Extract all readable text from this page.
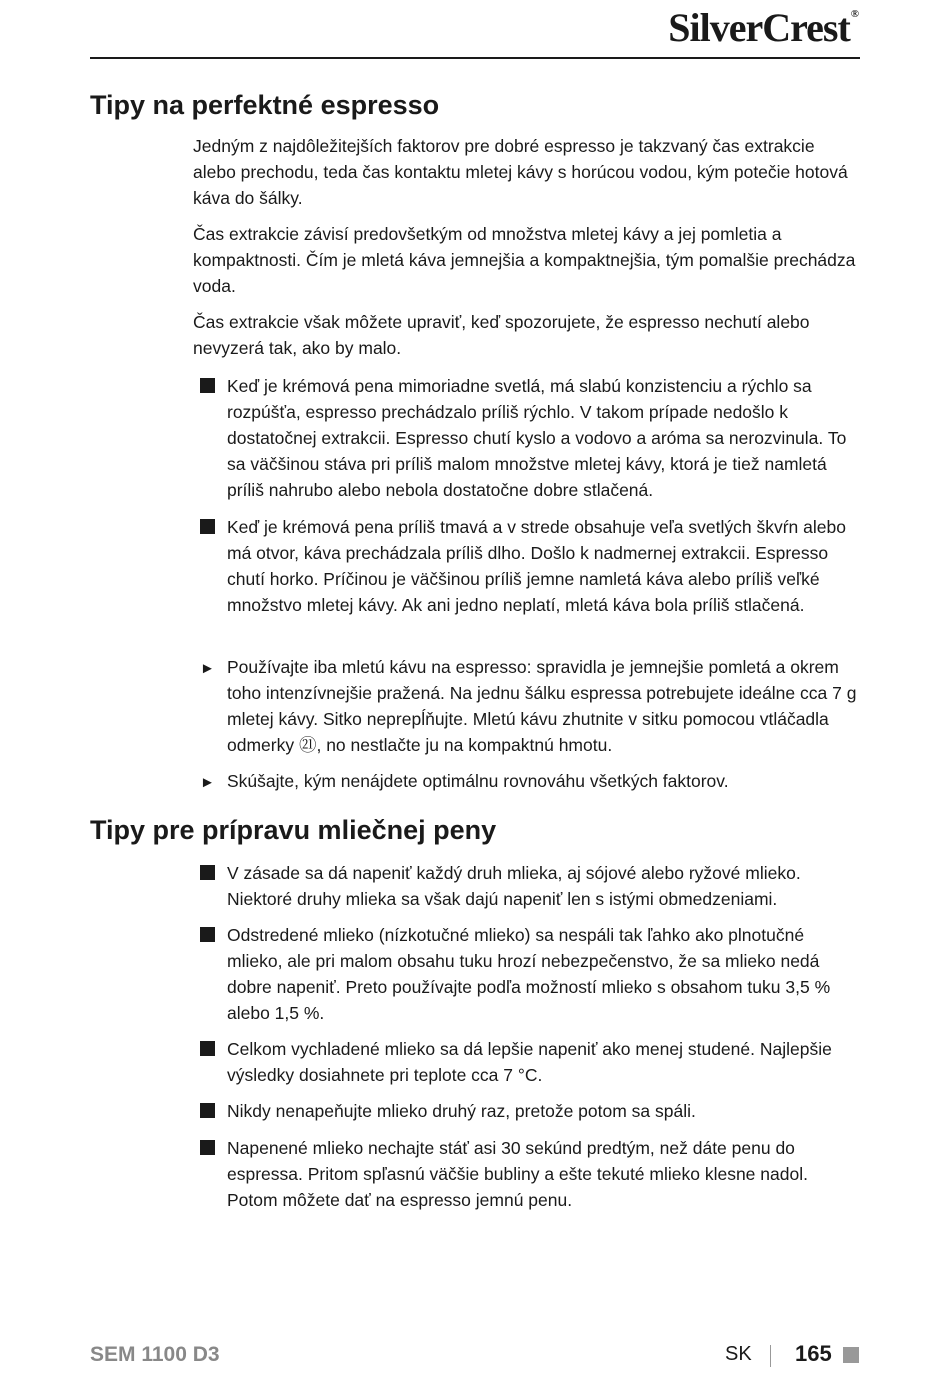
SilverCrest®
Tipy na perfektné espresso

Jedným z najdôležitejších faktorov pre dobré espresso je takzvaný čas extrakcie alebo prechodu, teda čas kontaktu mletej kávy s horúcou vodou, kým potečie hotová káva do šálky.

Čas extrakcie závisí predovšetkým od množstva mletej kávy a jej pomletia a kompaktnosti. Čím je mletá káva jemnejšia a kompaktnejšia, tým pomalšie prechádza voda.

Čas extrakcie však môžete upraviť, keď spozorujete, že espresso nechutí alebo nevyzerá tak, ako by malo.

Keď je krémová pena mimoriadne svetlá, má slabú konzistenciu a rýchlo sa rozpúšťa, espresso prechádzalo príliš rýchlo. V takom prípade nedošlo k dostatočnej extrakcii. Espresso chutí kyslo a vodovo a aróma sa nerozvinula. To sa väčšinou stáva pri príliš malom množstve mletej kávy, ktorá je tiež namletá príliš nahrubo alebo nebola dostatočne dobre stlačená.
Keď je krémová pena príliš tmavá a v strede obsahuje veľa svetlých škvŕn alebo má otvor, káva prechádzala príliš dlho. Došlo k nadmernej extrakcii. Espresso chutí horko. Príčinou je väčšinou príliš jemne namletá káva alebo príliš veľké množstvo mletej kávy. Ak ani jedno neplatí, mletá káva bola príliš stlačená.
► Používajte iba mletú kávu na espresso: spravidla je jemnejšie pomletá a okrem toho intenzívnejšie pražená. Na jednu šálku espressa potrebujete ideálne cca 7 g mletej kávy. Sitko neprepĺňujte. Mletú kávu zhutnite v sitku pomocou vtláčadla odmerky ㉑, no nestlačte ju na kompaktnú hmotu.
► Skúšajte, kým nenájdete optimálnu rovnováhu všetkých faktorov.
Tipy pre prípravu mliečnej peny
V zásade sa dá napeniť každý druh mlieka, aj sójové alebo ryžové mlieko. Niektoré druhy mlieka sa však dajú napeniť len s istými obmedzeniami.
Odstredené mlieko (nízkotučné mlieko) sa nespáli tak ľahko ako plnotučné mlieko, ale pri malom obsahu tuku hrozí nebezpečenstvo, že sa mlieko nedá dobre napeniť. Preto používajte podľa možností mlieko s obsahom tuku 3,5 % alebo 1,5 %.
Celkom vychladené mlieko sa dá lepšie napeniť ako menej studené. Najlepšie výsledky dosiahnete pri teplote cca 7 °C.
Nikdy nenapeňujte mlieko druhý raz, pretože potom sa spáli.
Napenené mlieko nechajte stáť asi 30 sekúnd predtým, než dáte penu do espressa. Pritom spľasnú väčšie bubliny a ešte tekuté mlieko klesne nadol. Potom môžete dať na espresso jemnú penu.
SEM 1100 D3	SK 165
